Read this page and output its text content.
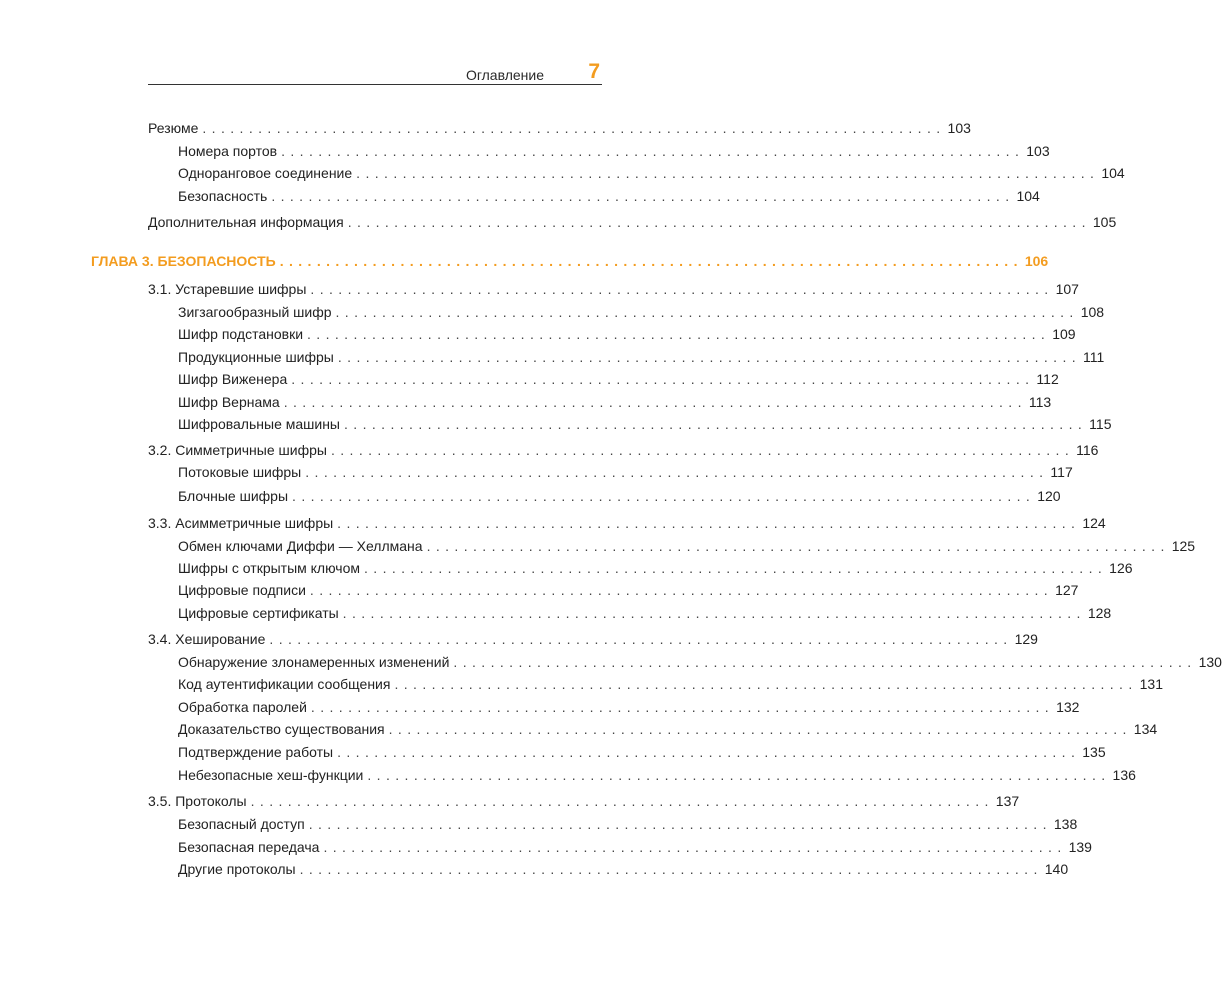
Оглавление 7
Резюме ................................................................................ 103
Номера портов ................................................................................ 103
Одноранговое соединение ................................................................................ 104
Безопасность ................................................................................ 104
Дополнительная информация ................................................................................ 105
ГЛАВА 3. БЕЗОПАСНОСТЬ ................................................................................ 106
3.1. Устаревшие шифры ................................................................................ 107
Зигзагообразный шифр ................................................................................ 108
Шифр подстановки ................................................................................ 109
Продукционные шифры ................................................................................ 111
Шифр Виженера ................................................................................ 112
Шифр Вернама ................................................................................ 113
Шифровальные машины ................................................................................ 115
3.2. Симметричные шифры ................................................................................ 116
Потоковые шифры ................................................................................ 117
Блочные шифры ................................................................................ 120
3.3. Асимметричные шифры ................................................................................ 124
Обмен ключами Диффи — Хеллмана ................................................................................ 125
Шифры с открытым ключом ................................................................................ 126
Цифровые подписи ................................................................................ 127
Цифровые сертификаты ................................................................................ 128
3.4. Хеширование ................................................................................ 129
Обнаружение злонамеренных изменений ................................................................................ 130
Код аутентификации сообщения ................................................................................ 131
Обработка паролей ................................................................................ 132
Доказательство существования ................................................................................ 134
Подтверждение работы ................................................................................ 135
Небезопасные хеш-функции ................................................................................ 136
3.5. Протоколы ................................................................................ 137
Безопасный доступ ................................................................................ 138
Безопасная передача ................................................................................ 139
Другие протоколы ................................................................................ 140
